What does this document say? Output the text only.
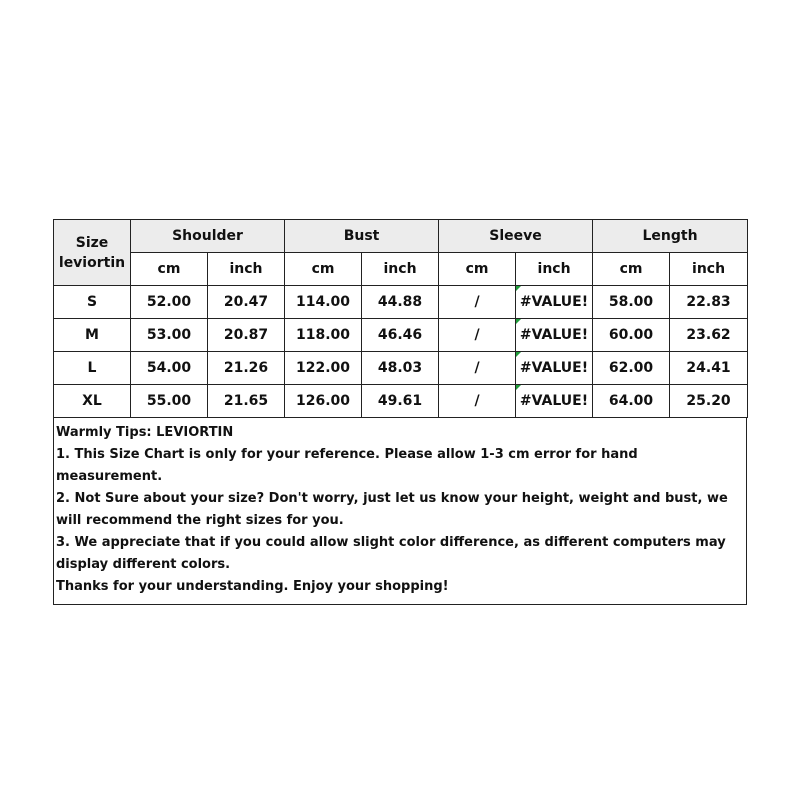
Size
leviortin	Shoulder		Bust		Sleeve		Length	
	cm	inch	cm	inch	cm	inch	cm	inch
S	52.00	20.47	114.00	44.88	/	#VALUE!	58.00	22.83
M	53.00	20.87	118.00	46.46	/	#VALUE!	60.00	23.62
L	54.00	21.26	122.00	48.03	/	#VALUE!	62.00	24.41
XL	55.00	21.65	126.00	49.61	/	#VALUE!	64.00	25.20
Warmly Tips: LEVIORTIN
1. This Size Chart is only for your reference. Please allow 1-3 cm error for hand measurement.
2. Not Sure about your size? Don't worry, just let us know your height, weight and bust, we will recommend the right sizes for you.
3. We appreciate that if you could allow slight color difference, as different computers may display different colors.
Thanks for your understanding. Enjoy your shopping!
